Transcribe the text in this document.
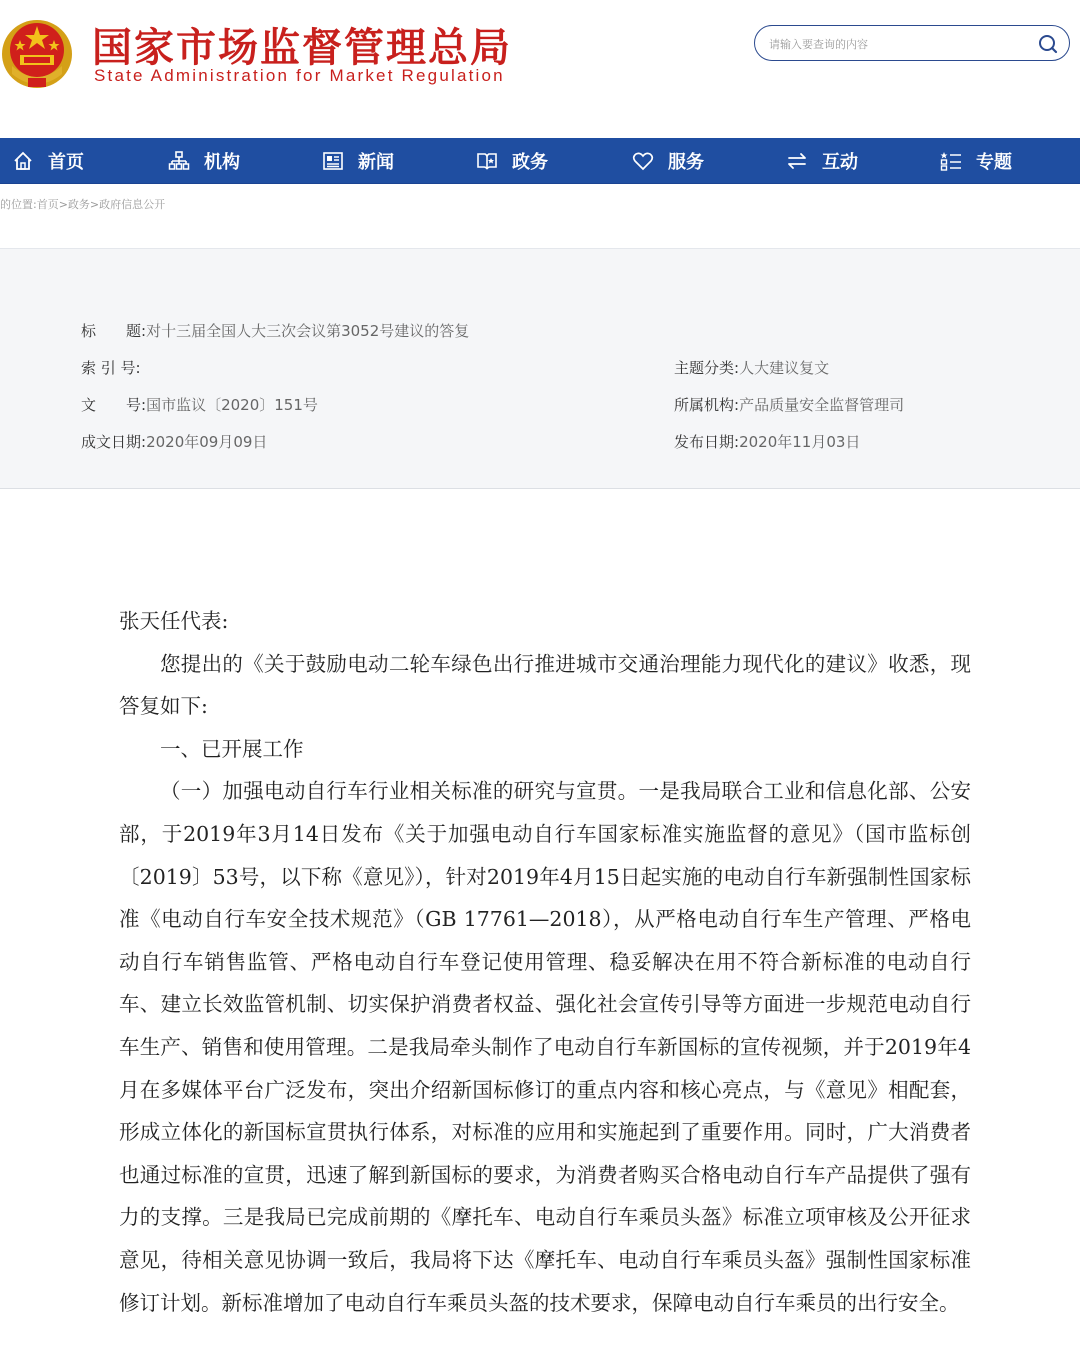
国家市场监督管理总局
State Administration for Market Regulation
请输入要查询的内容
首页	机构	新闻	政务	服务	互动	专题
的位置:首页>政务>政府信息公开
标　　题:对十三届全国人大三次会议第3052号建议的答复
索 引 号:
文　　号:国市监议〔2020〕151号
成文日期:2020年09月09日
主题分类:人大建议复文
所属机构:产品质量安全监督管理司
发布日期:2020年11月03日

张天任代表:

您提出的《关于鼓励电动二轮车绿色出行推进城市交通治理能力现代化的建议》收悉，现答复如下:

一、已开展工作

（一）加强电动自行车行业相关标准的研究与宣贯。一是我局联合工业和信息化部、公安部，于2019年3月14日发布《关于加强电动自行车国家标准实施监督的意见》（国市监标创〔2019〕53号，以下称《意见》），针对2019年4月15日起实施的电动自行车新强制性国家标准《电动自行车安全技术规范》（GB 17761—2018），从严格电动自行车生产管理、严格电动自行车销售监管、严格电动自行车登记使用管理、稳妥解决在用不符合新标准的电动自行车、建立长效监管机制、切实保护消费者权益、强化社会宣传引导等方面进一步规范电动自行车生产、销售和使用管理。二是我局牵头制作了电动自行车新国标的宣传视频，并于2019年4月在多媒体平台广泛发布，突出介绍新国标修订的重点内容和核心亮点，与《意见》相配套，形成立体化的新国标宣贯执行体系，对标准的应用和实施起到了重要作用。同时，广大消费者也通过标准的宣贯，迅速了解到新国标的要求，为消费者购买合格电动自行车产品提供了强有力的支撑。三是我局已完成前期的《摩托车、电动自行车乘员头盔》标准立项审核及公开征求意见，待相关意见协调一致后，我局将下达《摩托车、电动自行车乘员头盔》强制性国家标准修订计划。新标准增加了电动自行车乘员头盔的技术要求，保障电动自行车乘员的出行安全。
